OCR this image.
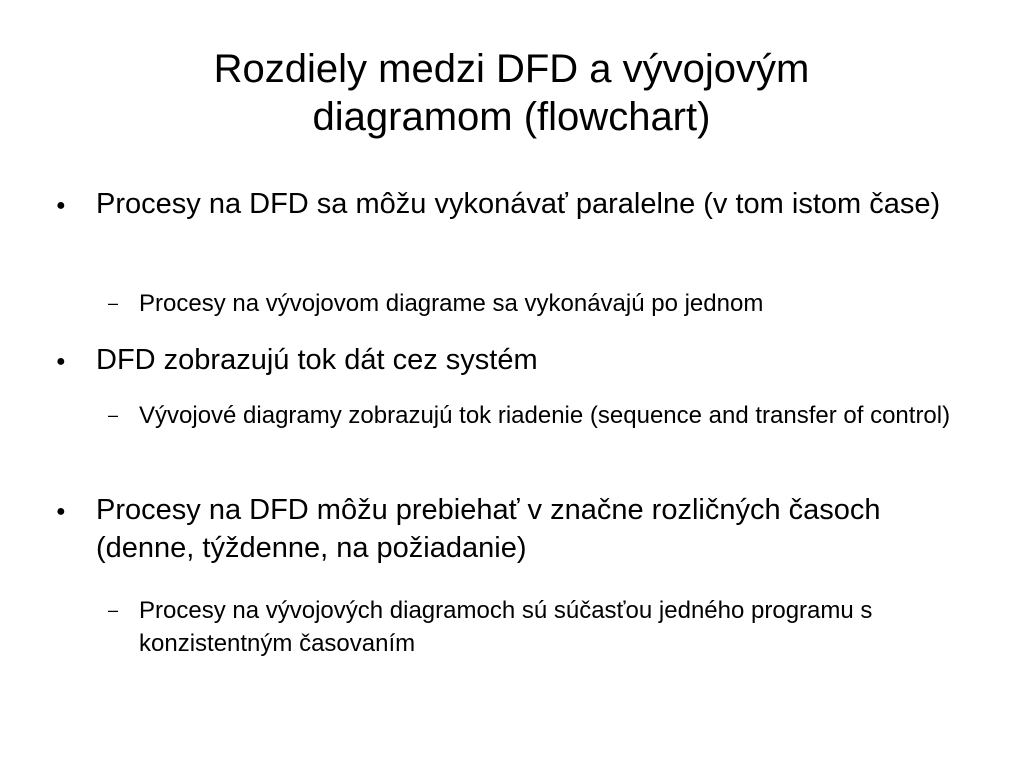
Rozdiely medzi DFD a vývojovým
diagramom (flowchart)
●	Procesy na DFD sa môžu vykonávať paralelne (v tom istom čase)
– Procesy na vývojovom diagrame sa vykonávajú po jednom
●	DFD zobrazujú tok dát cez systém
– Vývojové diagramy zobrazujú tok riadenie (sequence and transfer of control)
●	Procesy na DFD môžu prebiehať v značne rozličných časoch (denne, týždenne, na požiadanie)
– Procesy na vývojových diagramoch sú súčasťou jedného programu s konzistentným časovaním
